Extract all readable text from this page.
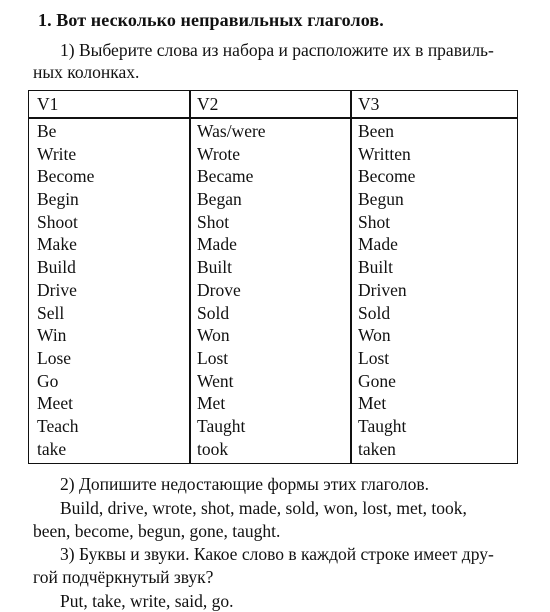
1. Вот несколько неправильных глаголов.
1) Выберите слова из набора и расположите их в правиль-
ных колонках.
V1	V2	V3
Be	Was/were	Been
Write	Wrote	Written
Become	Became	Become
Begin	Began	Begun
Shoot	Shot	Shot
Make	Made	Made
Build	Built	Built
Drive	Drove	Driven
Sell	Sold	Sold
Win	Won	Won
Lose	Lost	Lost
Go	Went	Gone
Meet	Met	Met
Teach	Taught	Taught
take	took	taken
2) Допишите недостающие формы этих глаголов.
Build, drive, wrote, shot, made, sold, won, lost, met, took,
been, become, begun, gone, taught.
3) Буквы и звуки. Какое слово в каждой строке имеет дру-
гой подчёркнутый звук?
Put, take, write, said, go.
